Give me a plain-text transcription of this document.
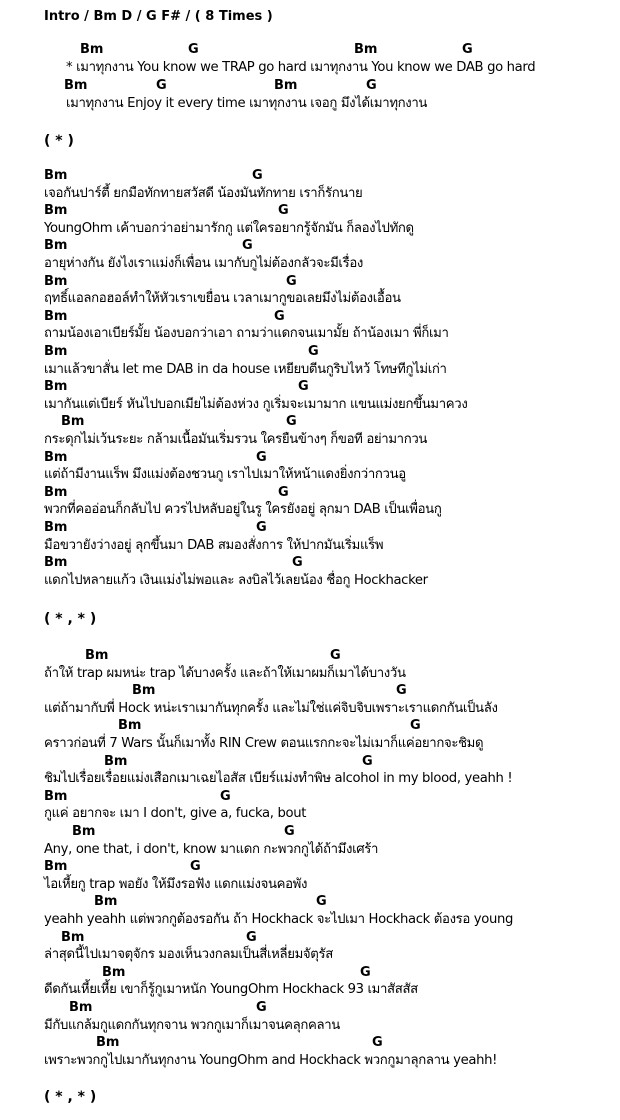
Intro / Bm D / G F# / ( 8 Times )
Bm	G	Bm	G
* เมาทุกงาน You know we TRAP go hard เมาทุกงาน You know we DAB go hard
Bm	G	Bm	G
เมาทุกงาน Enjoy it every time เมาทุกงาน เจอกู มึงได้เมาทุกงาน
( * )
Bm	G
เจอกันปาร์ตี้ ยกมือทักทายสวัสดี น้องมันทักทาย เราก็รักนาย
Bm	G
YoungOhm เค้าบอกว่าอย่ามารักกู แต่ใครอยากรู้จักมัน ก็ลองไปทักดู
Bm	G
อายุห่างกัน ยังไงเราแม่งก็เพื่อน เมากับกูไม่ต้องกลัวจะมีเรื่อง
Bm	G
ฤทธิ์แอลกอฮอล์ทำให้หัวเราเขยื่อน เวลาเมากูขอเลยมึงไม่ต้องเอื้อน
Bm	G
ถามน้องเอาเบียร์มั้ย น้องบอกว่าเอา ถามว่าแดกจนเมามั้ย ถ้าน้องเมา พี่ก็เมา
Bm	G
เมาแล้วขาสั่น let me DAB in da house เหยียบตีนกูริบไหว้ โทษทีกูไม่เก่า
Bm	G
เมากันแต่เบียร์ หันไปบอกเมียไม่ต้องห่วง กูเริ่มจะเมามาก แขนแม่งยกขึ้นมาควง
Bm	G
กระดุกไม่เว้นระยะ กล้ามเนื้อมันเริ่มรวน ใครยืนข้างๆ ก็ขอที อย่ามากวน
Bm	G
แต่ถ้ามีงานแร็พ มึงแม่งต้องชวนกู เราไปเมาให้หน้าแดงยิ่งกว่ากวนอู
Bm	G
พวกที่คออ่อนก็กลับไป ควรไปหลับอยู่ในรู ใครยังอยู่ ลุกมา DAB เป็นเพื่อนกู
Bm	G
มือขวายังว่างอยู่ ลุกขึ้นมา DAB สมองสั่งการ ให้ปากมันเริ่มแร็พ
Bm	G
แดกไปหลายแก้ว เงินแม่งไม่พอและ ลงบิลไว้เลยน้อง ชื่อกู Hockhacker
( * , * )
Bm	G
ถ้าให้ trap ผมหน่ะ trap ได้บางครั้ง และถ้าให้เมาผมก็เมาได้บางวัน
Bm	G
แต่ถ้ามากับพี่ Hock หน่ะเราเมากันทุกครั้ง และไม่ใช่แค่จิบจิบเพราะเราแดกกันเป็นลัง
Bm	G
คราวก่อนที่ 7 Wars นั้นก็เมาทั้ง RIN Crew ตอนแรกกะจะไม่เมาก็แค่อยากจะชิมดู
Bm	G
ชิมไปเรื่อยเรื่อยแม่งเสือกเมาเฉยไอสัส เบียร์แม่งทำพิษ alcohol in my blood, yeahh !
Bm	G
กูแค่ อยากจะ เมา I don't, give a, fucka, bout
Bm	G
Any, one that, i don't, know มาแดก กะพวกกูได้ถ้ามึงเศร้า
Bm	G
ไอเหี้ยกู trap พอยัง ให้มึงรอฟัง แดกแม่งจนคอพัง
Bm	G
yeahh yeahh แต่พวกกูต้องรอกัน ถ้า Hockhack จะไปเมา Hockhack ต้องรอ young
Bm	G
ล่าสุดนี้ไปเมาจตุจักร มองเห็นวงกลมเป็นสี่เหลี่ยมจัตุรัส
Bm	G
ดีดกันเหี้ยเหี้ย เขาก็รู้กูเมาหนัก YoungOhm Hockhack 93 เมาสัสสัส
Bm	G
มีกับแกล้มกูแดกกันทุกจาน พวกกูเมาก็เมาจนคลุกคลาน
Bm	G
เพราะพวกกูไปเมากันทุกงาน YoungOhm and Hockhack พวกกูมาลุกลาน yeahh!
( * , * )
